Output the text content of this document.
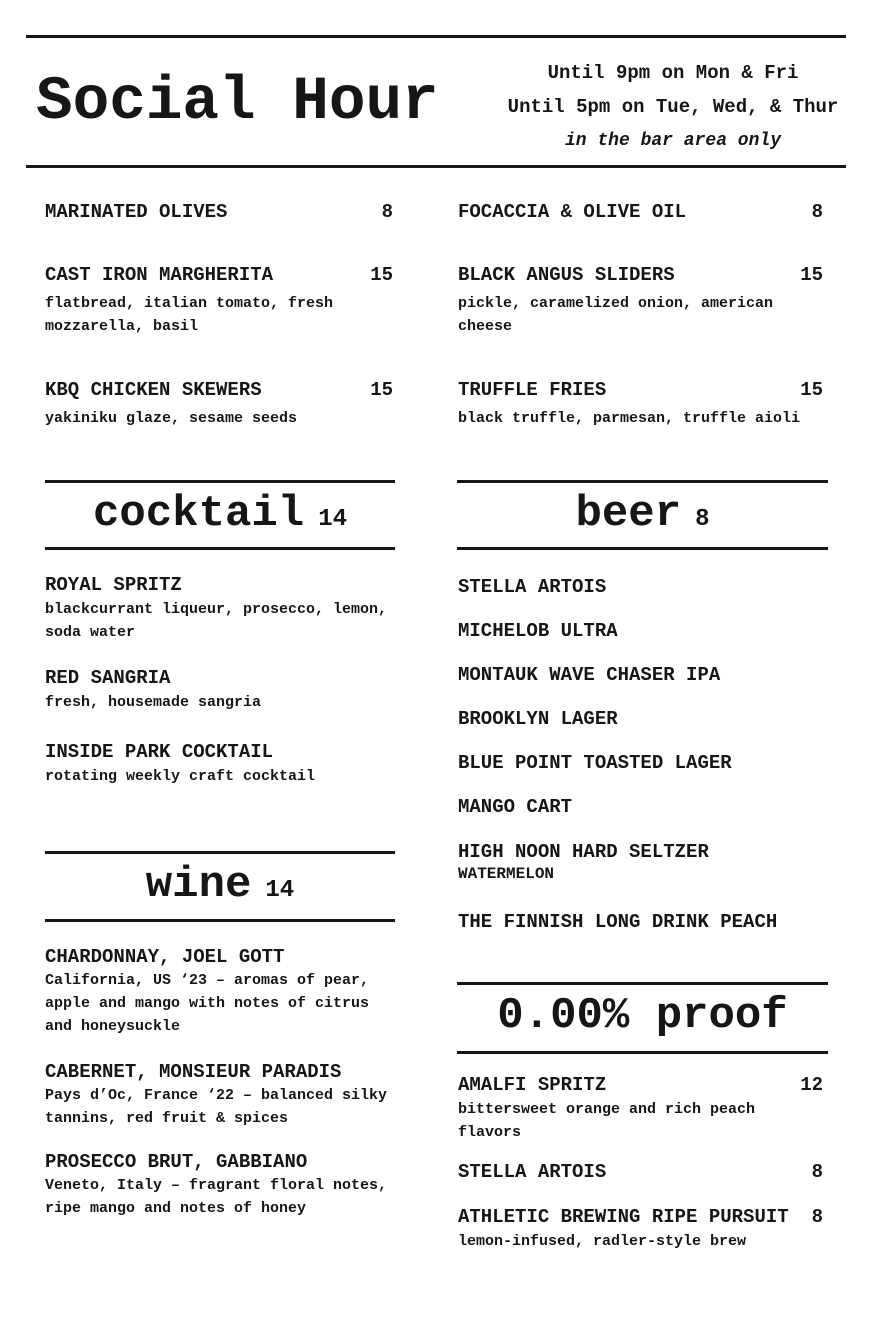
Social Hour	Until 9pm on Mon & Fri
Until 5pm on Tue, Wed, & Thur
in the bar area only
MARINATED OLIVES	8
CAST IRON MARGHERITA	15
flatbread, italian tomato, fresh mozzarella, basil
KBQ CHICKEN SKEWERS	15
yakiniku glaze, sesame seeds
FOCACCIA & OLIVE OIL	8
BLACK ANGUS SLIDERS	15
pickle, caramelized onion, american cheese
TRUFFLE FRIES	15
black truffle, parmesan, truffle aioli
cocktail 14
ROYAL SPRITZ
blackcurrant liqueur, prosecco, lemon, soda water
RED SANGRIA
fresh, housemade sangria
INSIDE PARK COCKTAIL
rotating weekly craft cocktail
beer 8
STELLA ARTOIS
MICHELOB ULTRA
MONTAUK WAVE CHASER IPA
BROOKLYN LAGER
BLUE POINT TOASTED LAGER
MANGO CART
HIGH NOON HARD SELTZER
WATERMELON
THE FINNISH LONG DRINK PEACH
wine 14
CHARDONNAY, JOEL GOTT
California, US ‘23 – aromas of pear, apple and mango with notes of citrus and honeysuckle
CABERNET, MONSIEUR PARADIS
Pays d’Oc, France ‘22 – balanced silky tannins, red fruit & spices
PROSECCO BRUT, GABBIANO
Veneto, Italy – fragrant floral notes, ripe mango and notes of honey
0.00% proof
AMALFI SPRITZ	12
bittersweet orange and rich peach flavors
STELLA ARTOIS	8
ATHLETIC BREWING RIPE PURSUIT 8
lemon-infused, radler-style brew
